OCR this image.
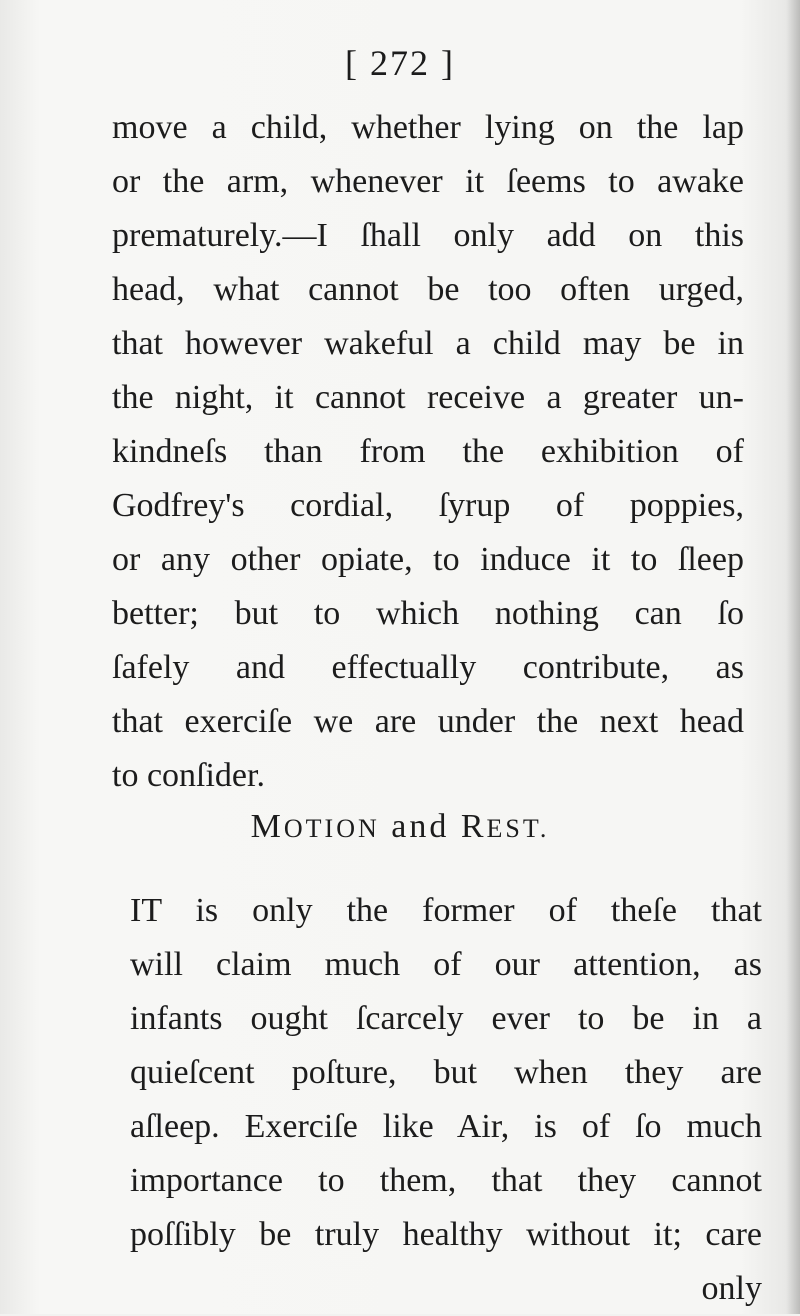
[ 272 ]
move a child, whether lying on the lap
or the arm, whenever it ſeems to awake
prematurely.—I ſhall only add on this
head, what cannot be too often urged,
that however wakeful a child may be in
the night, it cannot receive a greater un-
kindneſs than from the exhibition of
Godfrey's cordial, ſyrup of poppies,
or any other opiate, to induce it to ſleep
better; but to which nothing can ſo
ſafely and effectually contribute, as
that exerciſe we are under the next head
to conſider.
MOTION and REST.
IT is only the former of theſe that
will claim much of our attention, as
infants ought ſcarcely ever to be in a
quieſcent poſture, but when they are
aſleep. Exerciſe like Air, is of ſo much
importance to them, that they cannot
poſſibly be truly healthy without it; care
only
